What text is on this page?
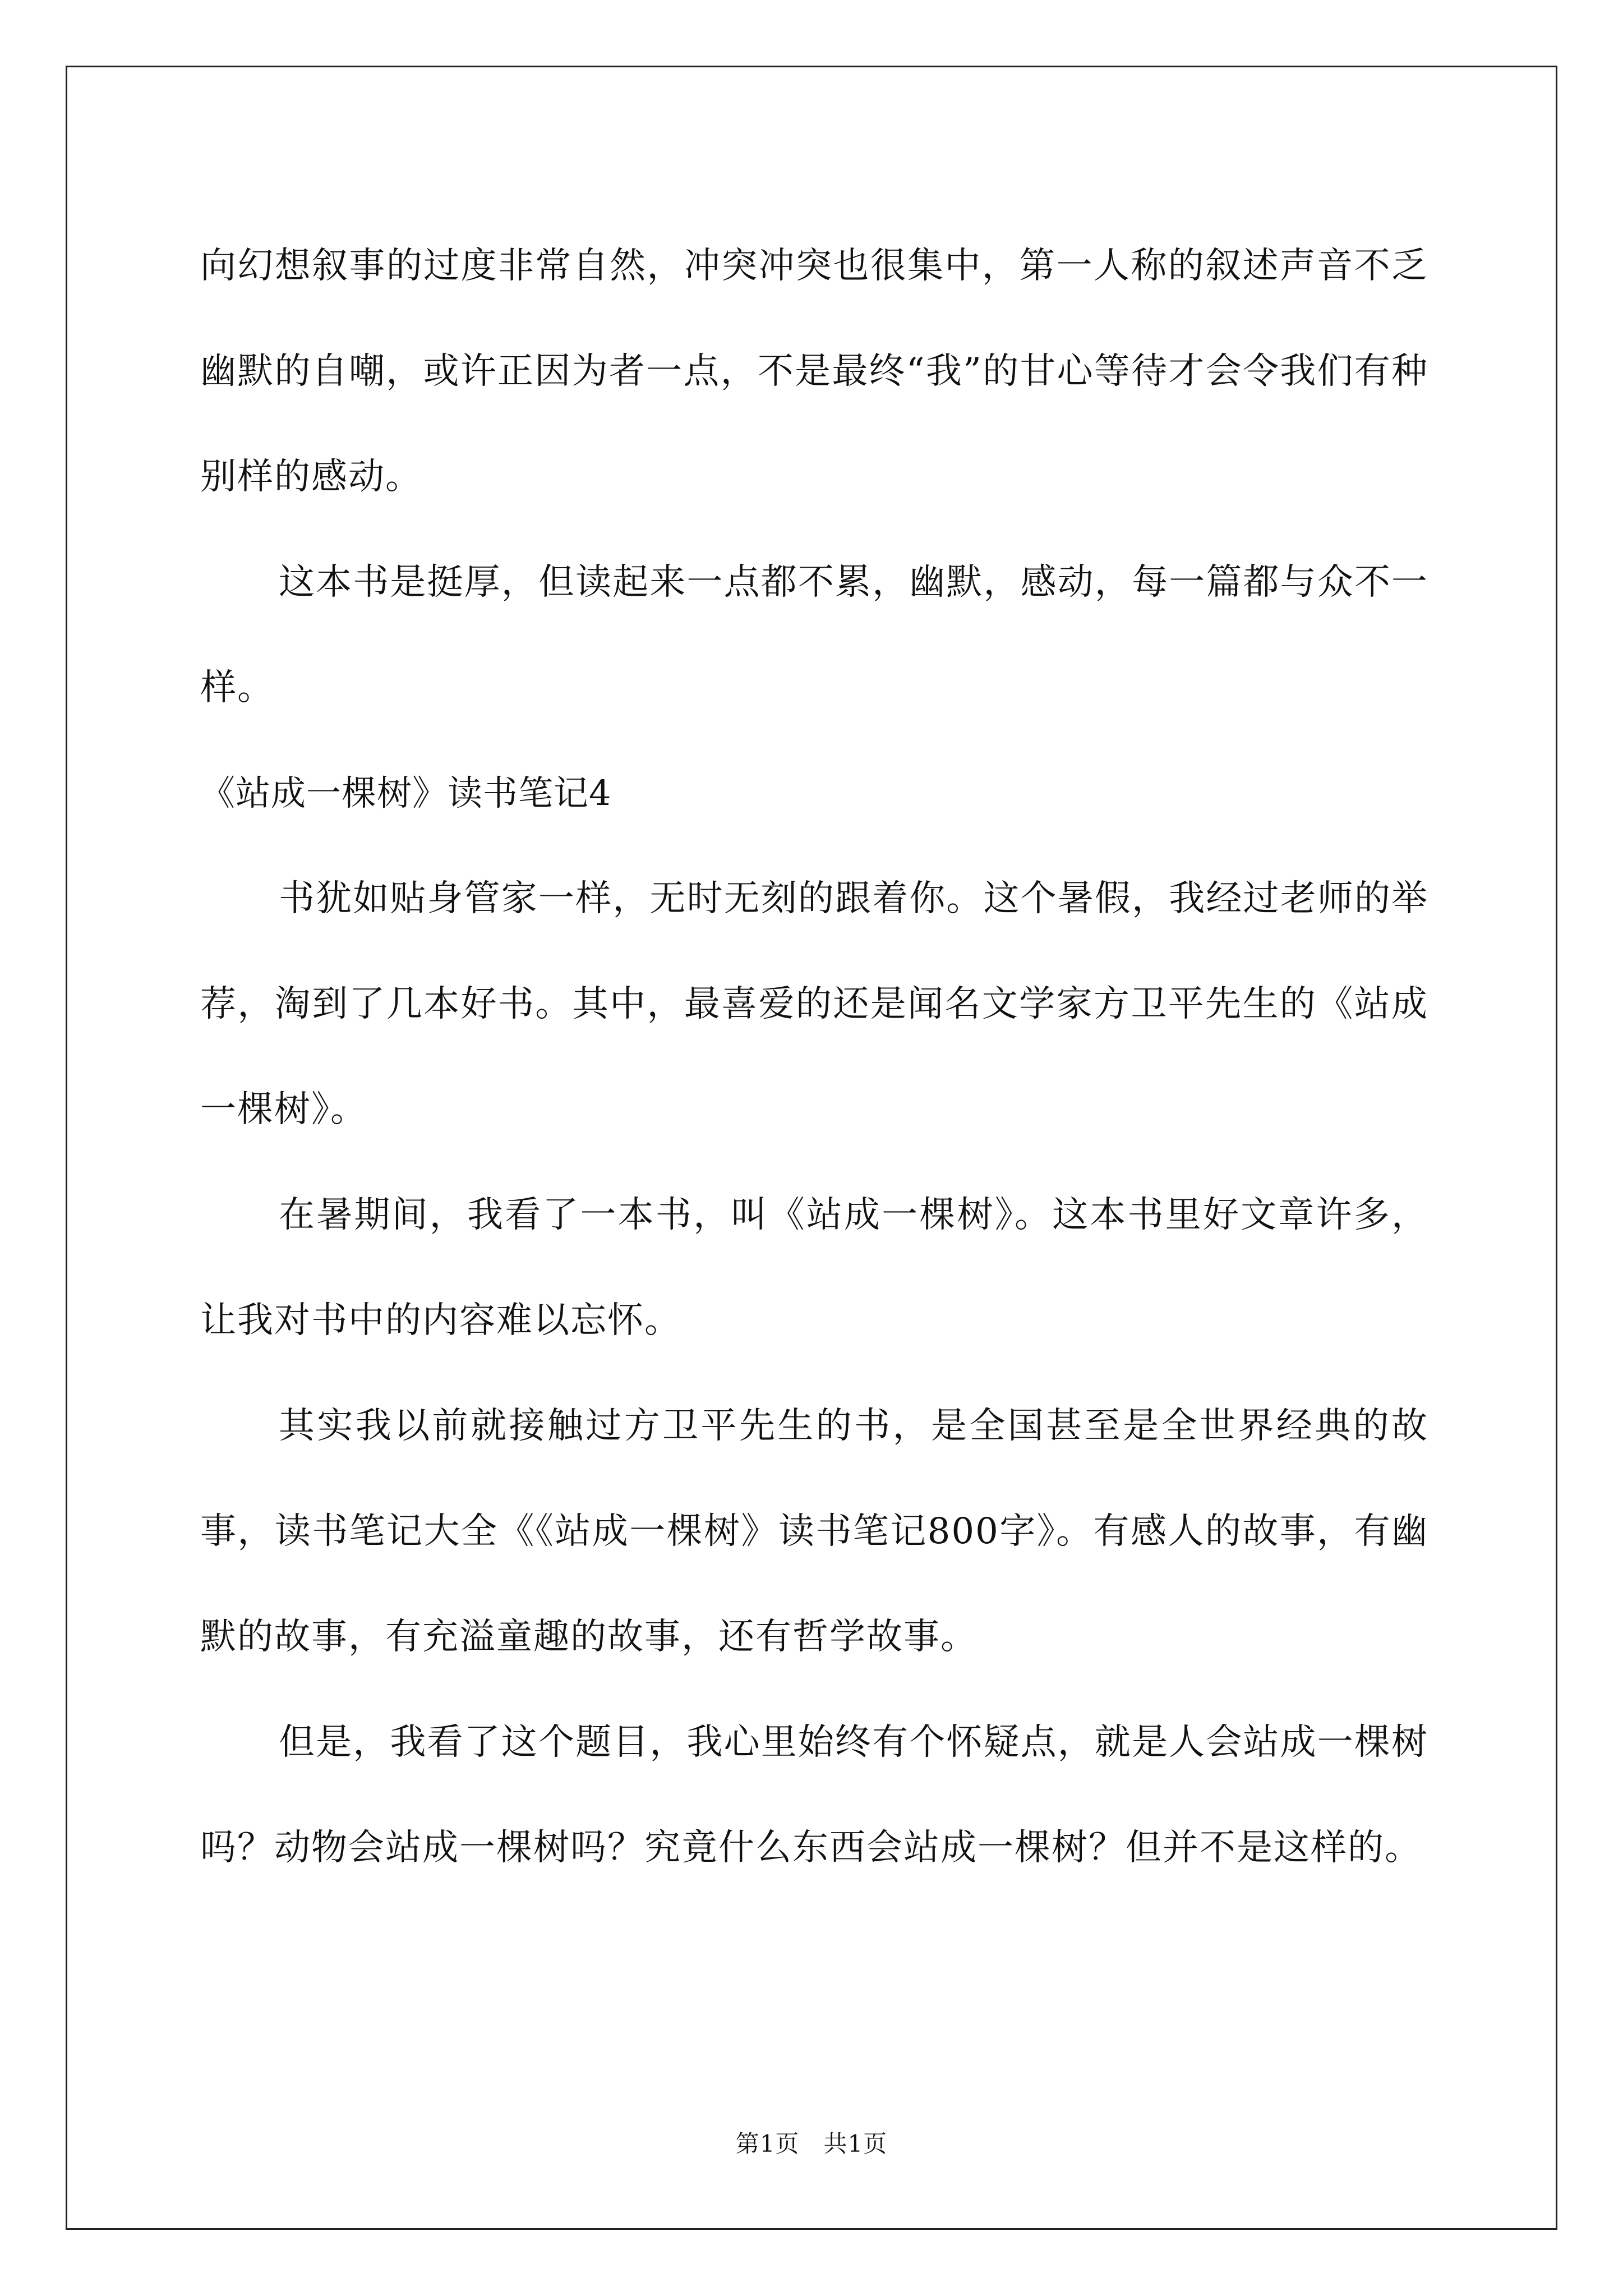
向幻想叙事的过度非常自然，冲突冲突也很集中，第一人称的叙述声音不乏幽默的自嘲，或许正因为者一点，不是最终“我”的甘心等待才会令我们有种别样的感动。

这本书是挺厚，但读起来一点都不累，幽默，感动，每一篇都与众不一样。

《站成一棵树》读书笔记4

书犹如贴身管家一样，无时无刻的跟着你。这个暑假，我经过老师的举荐，淘到了几本好书。其中，最喜爱的还是闻名文学家方卫平先生的《站成一棵树》。

在暑期间，我看了一本书，叫《站成一棵树》。这本书里好文章许多，让我对书中的内容难以忘怀。

其实我以前就接触过方卫平先生的书，是全国甚至是全世界经典的故事，读书笔记大全《《站成一棵树》读书笔记800字》。有感人的故事，有幽默的故事，有充溢童趣的故事，还有哲学故事。

但是，我看了这个题目，我心里始终有个怀疑点，就是人会站成一棵树吗？动物会站成一棵树吗？究竟什么东西会站成一棵树？但并不是这样的。

第1页　共1页
